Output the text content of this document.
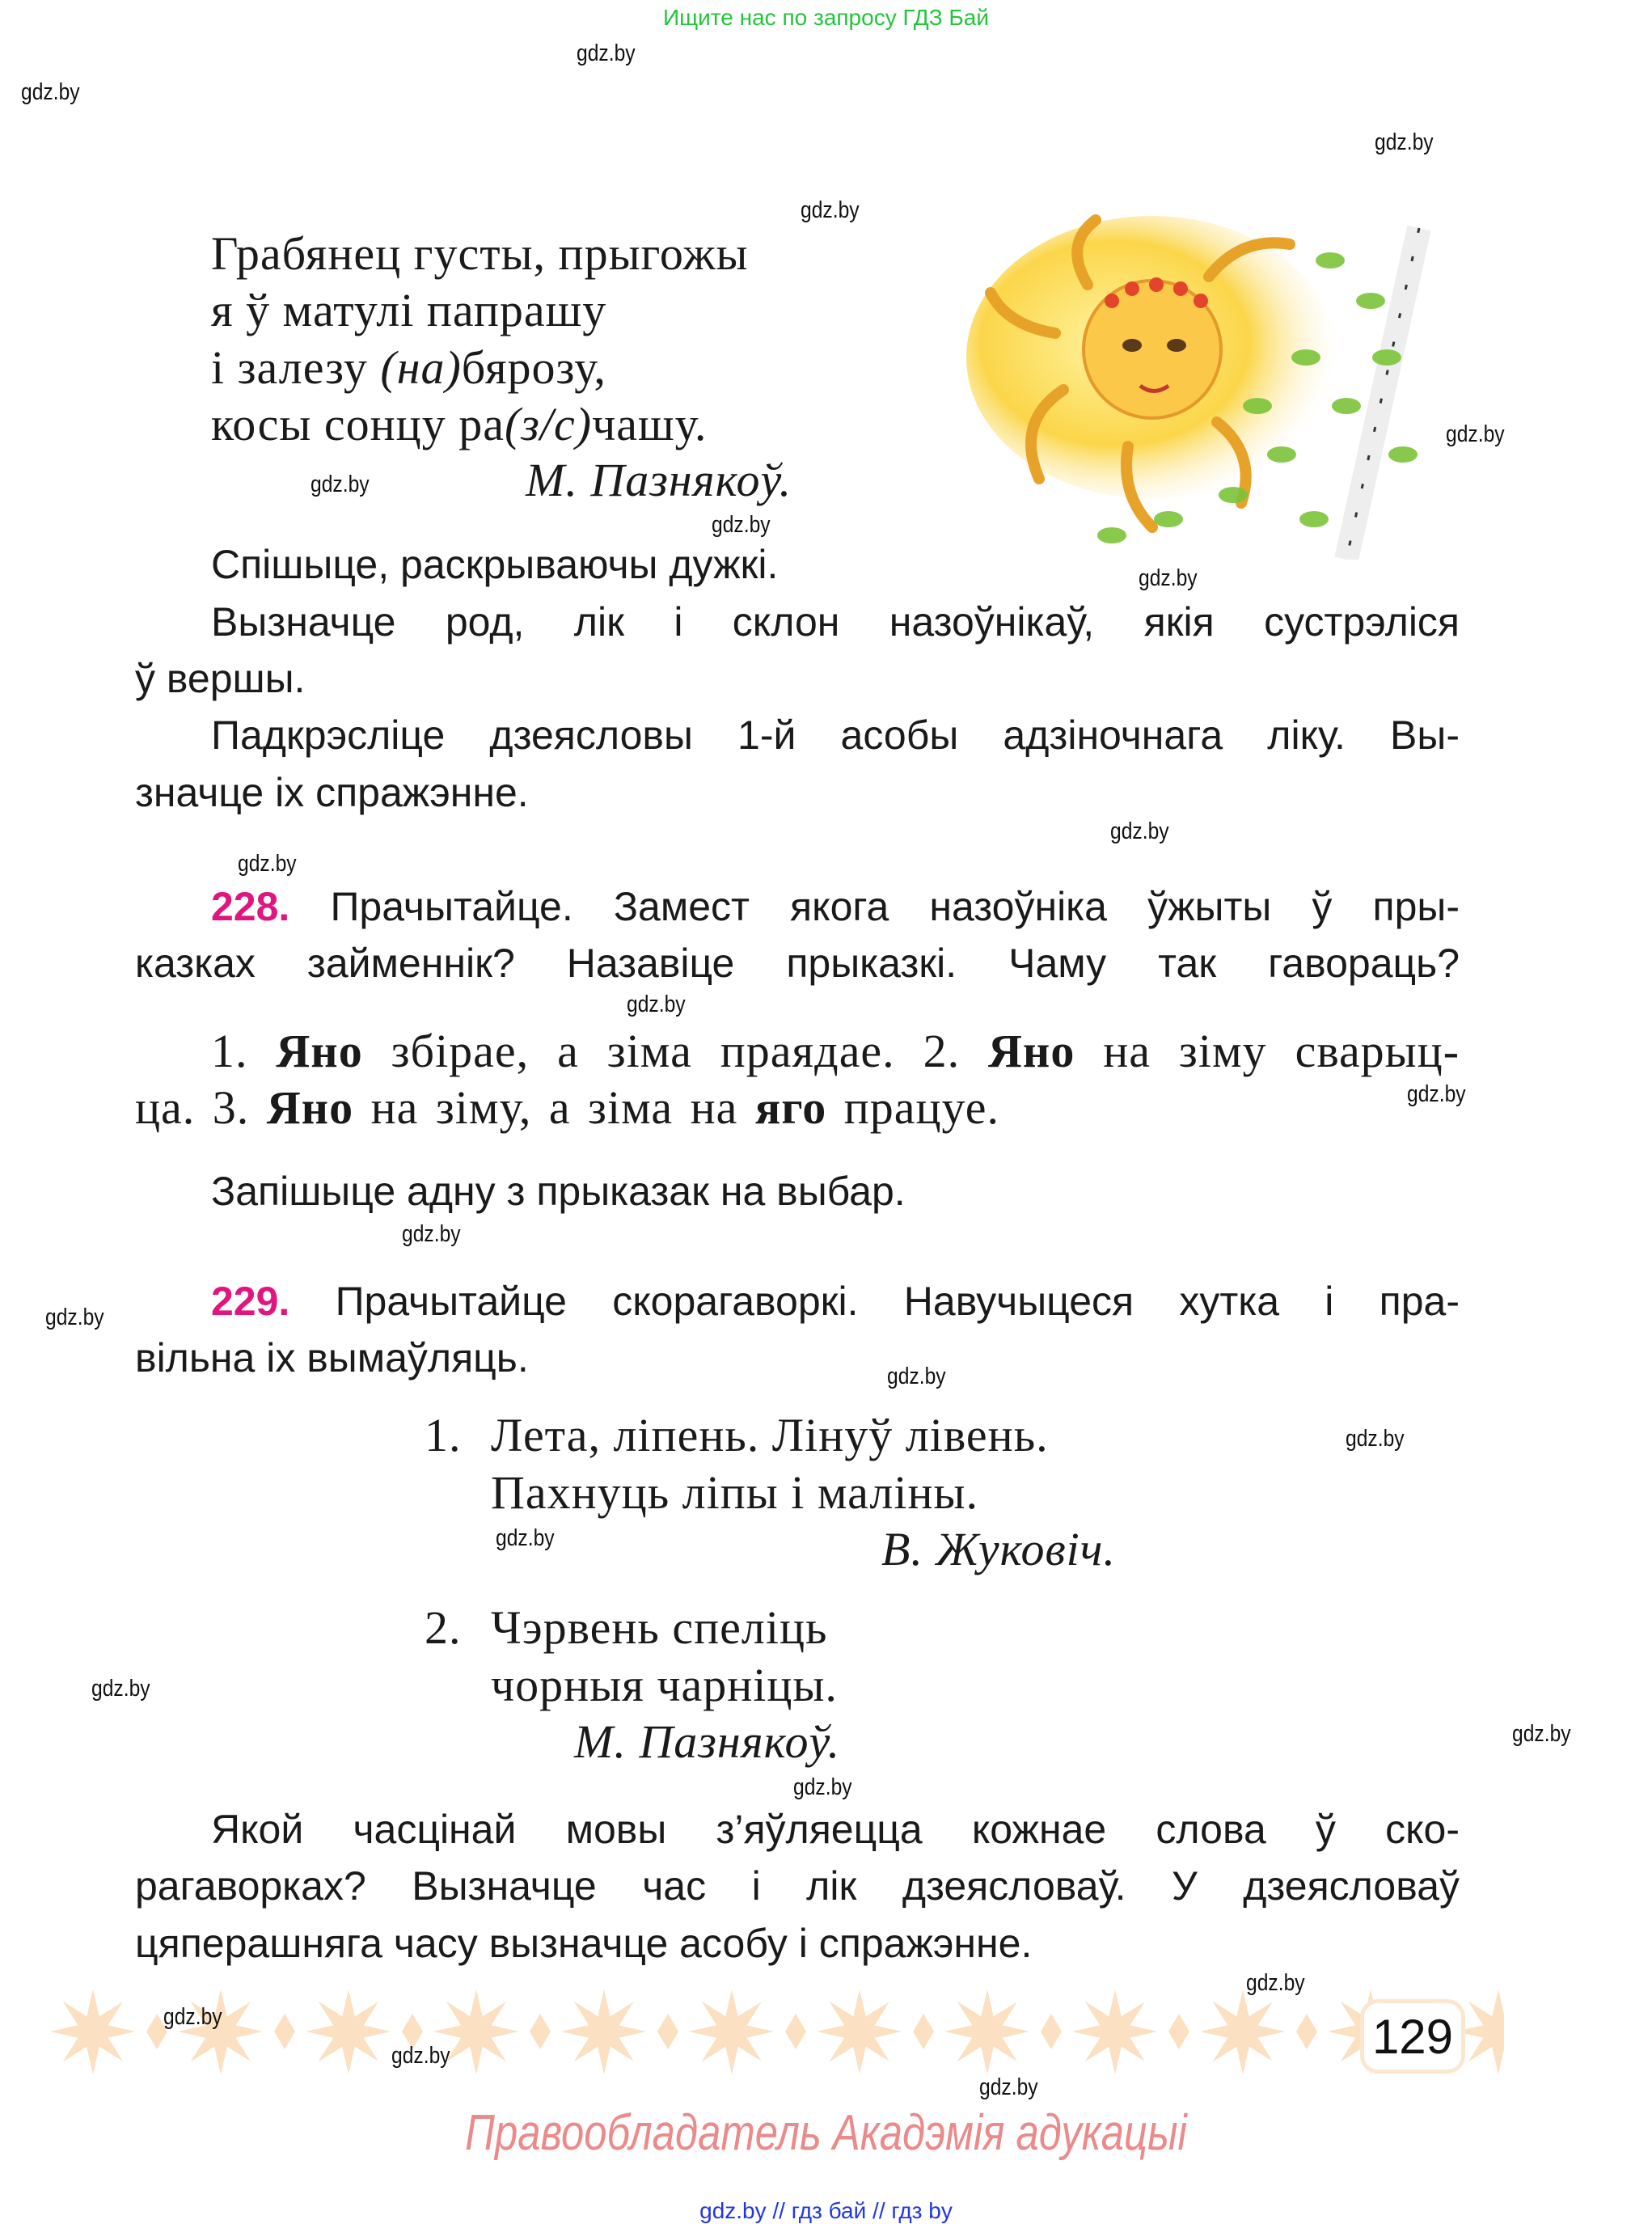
Ищите нас по запросу ГДЗ Бай
Грабянец густы, прыгожы
я ў матулі папрашу
і залезу (на)бярозу,
косы сонцу ра(з/с)чашу.
М. Пазнякоў.
Спішыце, раскрываючы дужкі.
Вызначце род, лік і склон назоўнікаў, якія сустрэліся
ў вершы.
Падкрэсліце дзеясловы 1-й асобы адзіночнага ліку. Вы-
значце іх спражэнне.
228. Прачытайце. Замест якога назоўніка ўжыты ў пры-
казках займеннік? Назавіце прыказкі. Чаму так гавораць?
1. Яно збірае, а зіма праядае. 2. Яно на зіму сварыц-
ца. 3. Яно на зіму, а зіма на яго працуе.
Запішыце адну з прыказак на выбар.
229. Прачытайце скорагаворкі. Навучыцеся хутка і пра-
вільна іх вымаўляць.
1. Лета, ліпень. Лінуў лівень.
Пахнуць ліпы і маліны.
В. Жуковіч.
2. Чэрвень спеліць
чорныя чарніцы.
М. Пазнякоў.
Якой часцінай мовы з’яўляецца кожнае слова ў ско-
рагаворках? Вызначце час і лік дзеясловаў. У дзеясловаў
цяперашняга часу вызначце асобу і спражэнне.
129
Правообладатель Акадэмія адукацыі
gdz.by // гдз бай // гдз by
gdz.by
gdz.by
gdz.by
gdz.by
gdz.by
gdz.by
gdz.by
gdz.by
gdz.by
gdz.by
gdz.by
gdz.by
gdz.by
gdz.by
gdz.by
gdz.by
gdz.by
gdz.by
gdz.by
gdz.by
gdz.by
gdz.by
gdz.by
gdz.by
